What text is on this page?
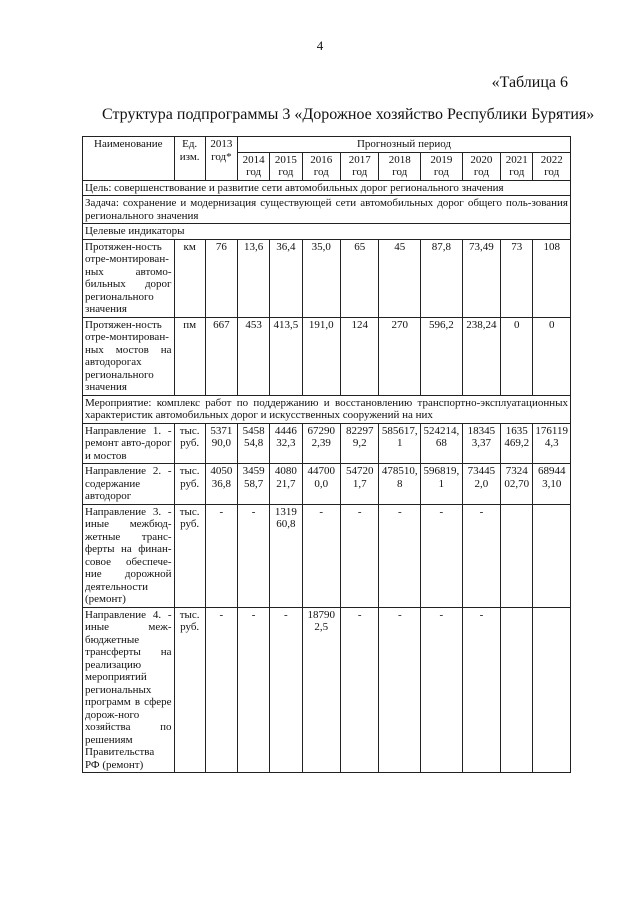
4
«Таблица 6
Структура подпрограммы 3 «Дорожное хозяйство Республики Бурятия»
Наименование	Ед. изм.	2013 год*	Прогнозный период								
			2014 год	2015 год	2016 год	2017 год	2018 год	2019 год	2020 год	2021 год	2022 год
Цель: совершенствование и развитие сети автомобильных дорог регионального значения											
Задача: сохранение и модернизация существующей сети автомобильных дорог общего поль-зования регионального значения											
Целевые индикаторы											
Протяжен-ность отре-монтирован-ных автомо-бильных дорог регионального значения	км	76	13,6	36,4	35,0	65	45	87,8	73,49	73	108
Протяжен-ность отре-монтирован-ных мостов на автодорогах регионального значения	пм	667	453	413,5	191,0	124	270	596,2	238,24	0	0
Мероприятие: комплекс работ по поддержанию и восстановлению транспортно-эксплуатационных характеристик автомобильных дорог и искусственных сооружений на них											
Направление 1. - ремонт авто-дорог и мостов	тыс. руб.	537190,0	545854,8	444632,3	672902,39	822979,2	585617,1	524214,68	183453,37	1635469,2	1761194,3
Направление 2. - содержание автодорог	тыс. руб.	405036,8	345958,7	408021,7	447000,0	547201,7	478510,8	596819,1	734452,0	732402,70	689443,10
Направление 3. - иные межбюд-жетные транс-ферты на финан-совое обеспече-ние дорожной деятельности (ремонт)	тыс. руб.	-	-	131960,8	-	-	-	-	-		
Направление 4. - иные меж-бюджетные трансферты на реализацию мероприятий региональных программ в сфере дорож-ного хозяйства по решениям Правительства РФ (ремонт)	тыс. руб.	-	-	-	187902,5	-	-	-	-		
